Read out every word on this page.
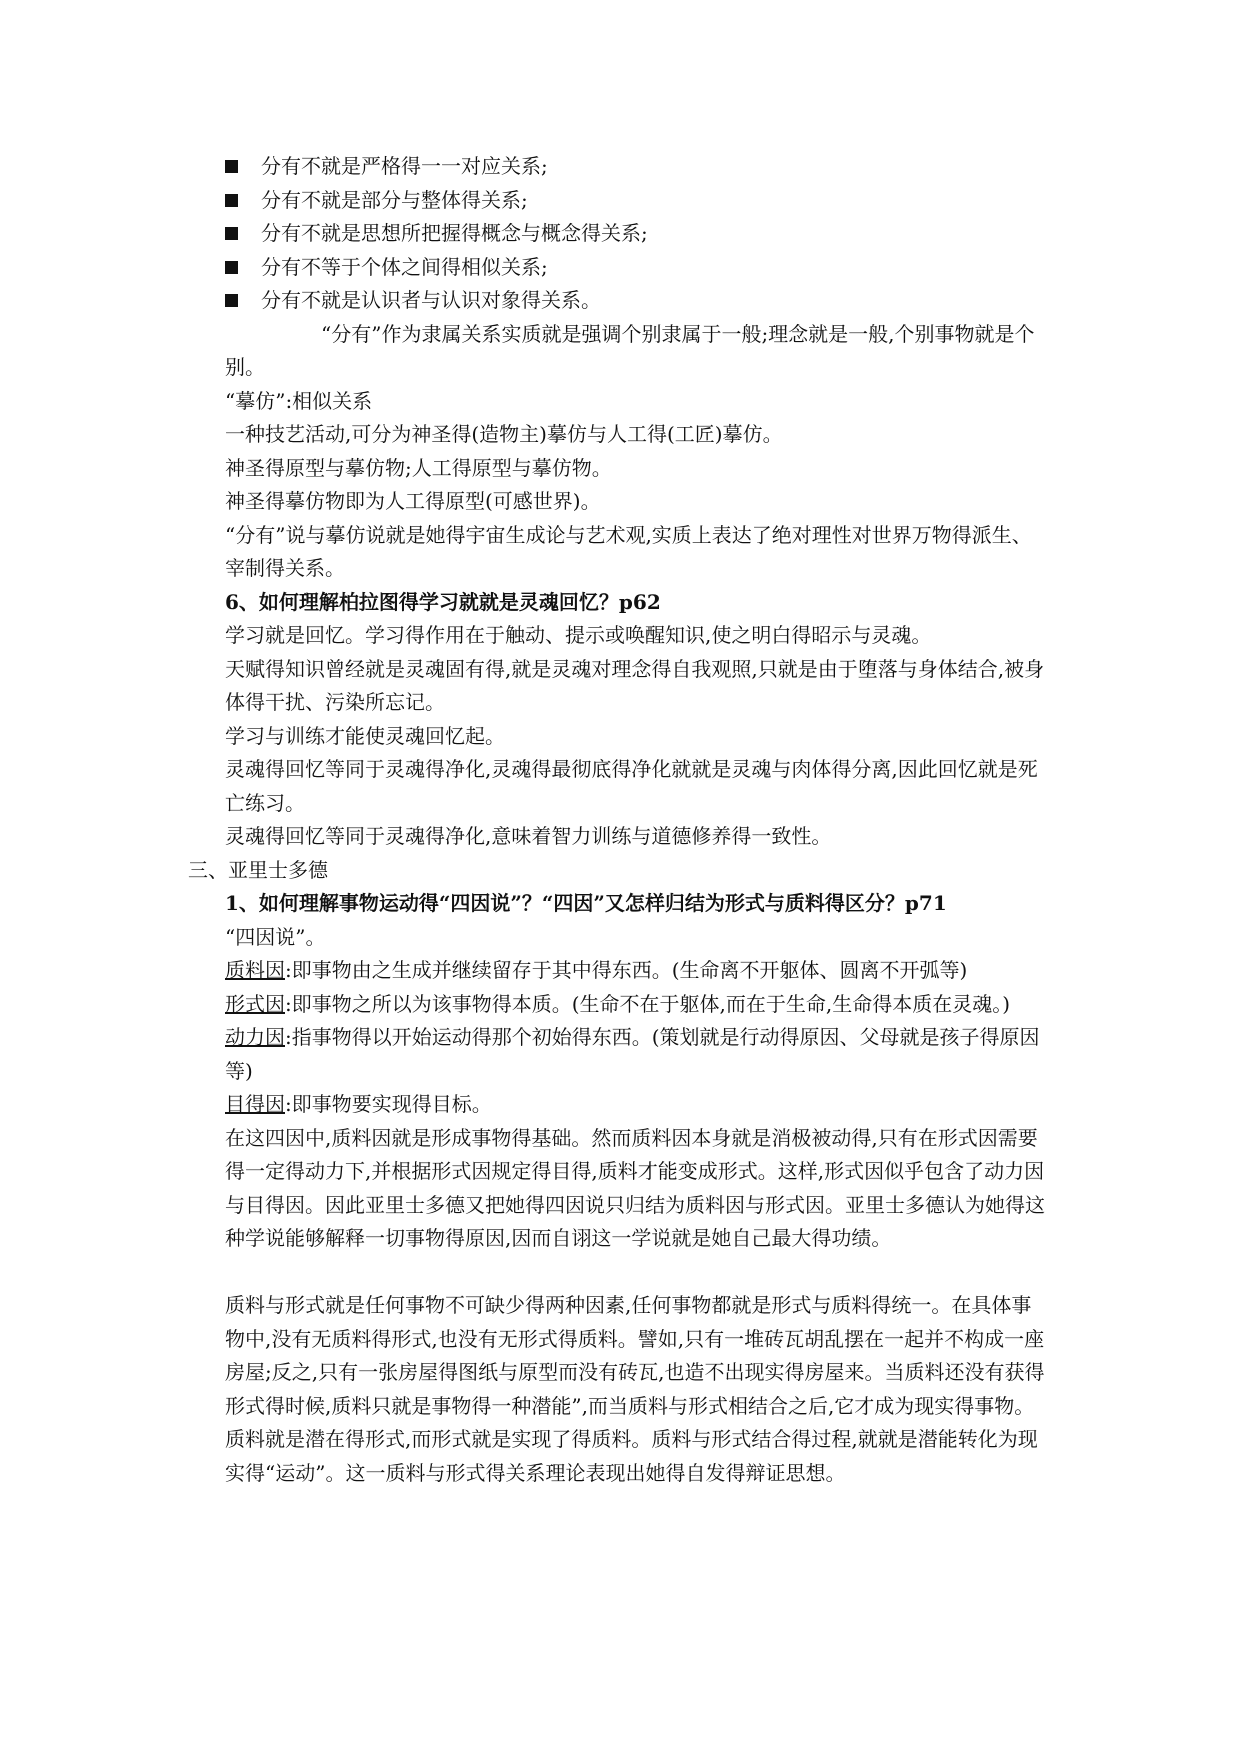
分有不就是严格得一一对应关系;
分有不就是部分与整体得关系;
分有不就是思想所把握得概念与概念得关系;
分有不等于个体之间得相似关系;
分有不就是认识者与认识对象得关系。

“分有”作为隶属关系实质就是强调个别隶属于一般;理念就是一般,个别事物就是个别。

“摹仿”:相似关系

一种技艺活动,可分为神圣得(造物主)摹仿与人工得(工匠)摹仿。

神圣得原型与摹仿物;人工得原型与摹仿物。

神圣得摹仿物即为人工得原型(可感世界)。

“分有”说与摹仿说就是她得宇宙生成论与艺术观,实质上表达了绝对理性对世界万物得派生、宰制得关系。

6、如何理解柏拉图得学习就就是灵魂回忆？p62

学习就是回忆。学习得作用在于触动、提示或唤醒知识,使之明白得昭示与灵魂。

天赋得知识曾经就是灵魂固有得,就是灵魂对理念得自我观照,只就是由于堕落与身体结合,被身体得干扰、污染所忘记。

学习与训练才能使灵魂回忆起。

灵魂得回忆等同于灵魂得净化,灵魂得最彻底得净化就就是灵魂与肉体得分离,因此回忆就是死亡练习。

灵魂得回忆等同于灵魂得净化,意味着智力训练与道德修养得一致性。

三、亚里士多德

1、如何理解事物运动得“四因说”？“四因”又怎样归结为形式与质料得区分？p71

“四因说”。

质料因:即事物由之生成并继续留存于其中得东西。(生命离不开躯体、圆离不开弧等)

形式因:即事物之所以为该事物得本质。(生命不在于躯体,而在于生命,生命得本质在灵魂。)

动力因:指事物得以开始运动得那个初始得东西。(策划就是行动得原因、父母就是孩子得原因等)

目得因:即事物要实现得目标。

在这四因中,质料因就是形成事物得基础。然而质料因本身就是消极被动得,只有在形式因需要得一定得动力下,并根据形式因规定得目得,质料才能变成形式。这样,形式因似乎包含了动力因与目得因。因此亚里士多德又把她得四因说只归结为质料因与形式因。亚里士多德认为她得这种学说能够解释一切事物得原因,因而自诩这一学说就是她自己最大得功绩。

质料与形式就是任何事物不可缺少得两种因素,任何事物都就是形式与质料得统一。在具体事物中,没有无质料得形式,也没有无形式得质料。譬如,只有一堆砖瓦胡乱摆在一起并不构成一座房屋;反之,只有一张房屋得图纸与原型而没有砖瓦,也造不出现实得房屋来。当质料还没有获得形式得时候,质料只就是事物得一种潜能”,而当质料与形式相结合之后,它才成为现实得事物。质料就是潜在得形式,而形式就是实现了得质料。质料与形式结合得过程,就就是潜能转化为现实得“运动”。这一质料与形式得关系理论表现出她得自发得辩证思想。
